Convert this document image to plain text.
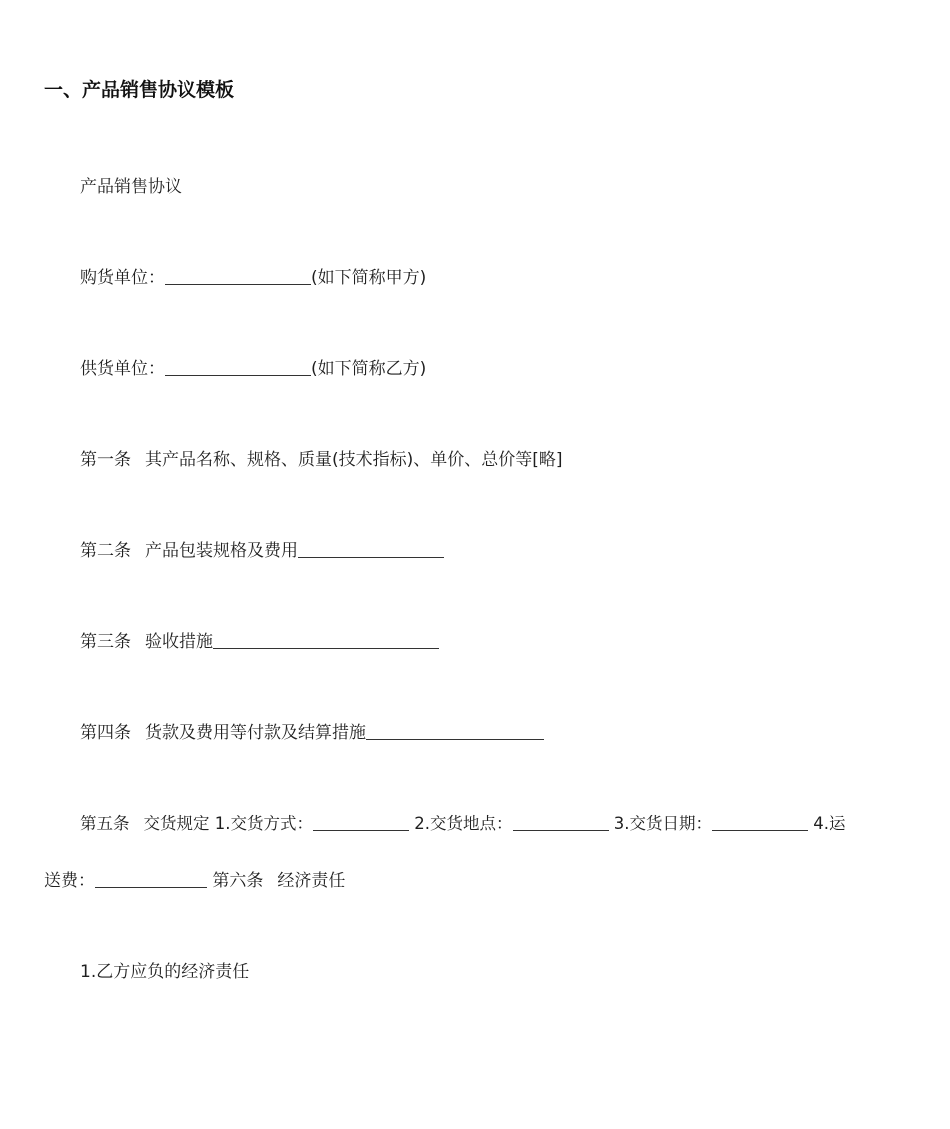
一、产品销售协议模板
产品销售协议
购货单位：	(如下简称甲方)
供货单位：	(如下简称乙方)
第一条 其产品名称、规格、质量(技术指标)、单价、总价等[略]
第二条 产品包装规格及费用
第三条 验收措施
第四条 货款及费用等付款及结算措施
第五条 交货规定 1.交货方式：	2.交货地点：	3.交货日期：	4.运
送费：	第六条 经济责任
1.乙方应负的经济责任
